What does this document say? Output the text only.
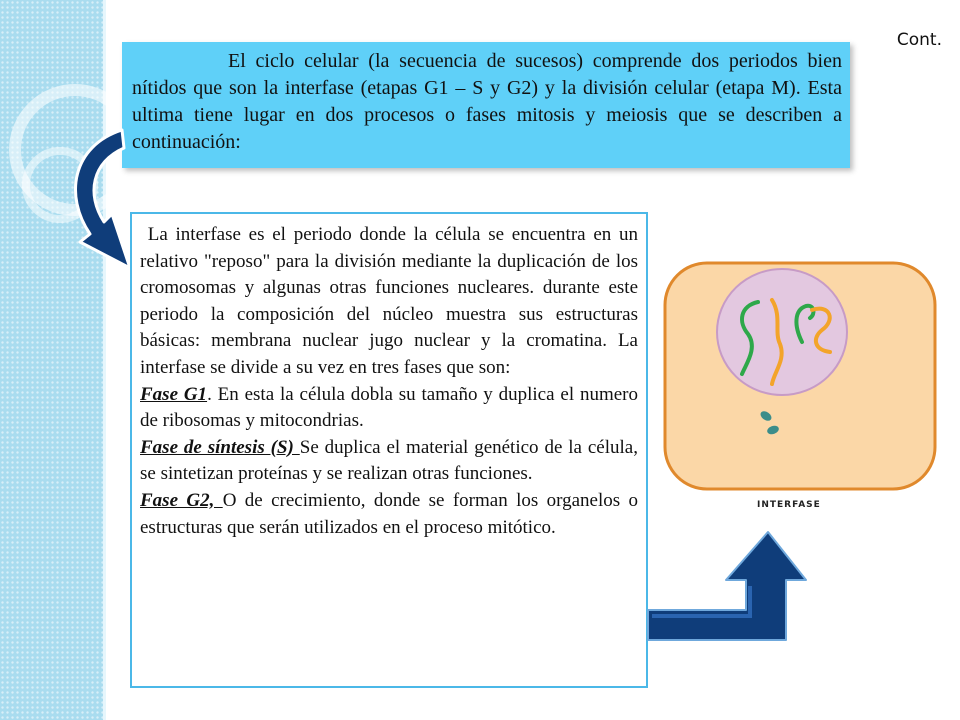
Cont.
El ciclo celular (la secuencia de sucesos) comprende dos periodos bien nítidos que son la interfase (etapas G1 – S y G2) y la división celular (etapa M). Esta ultima tiene lugar en dos procesos o fases mitosis y meiosis que se describen a continuación:

La interfase es el periodo donde la célula se encuentra en un relativo "reposo" para la división mediante la duplicación de los cromosomas y algunas otras funciones nucleares. durante este periodo la composición del núcleo muestra sus estructuras básicas: membrana nuclear jugo nuclear y la cromatina. La interfase se divide a su vez en tres fases que son:

Fase G1. En esta la célula dobla su tamaño y duplica el numero de ribosomas y mitocondrias.

Fase de síntesis (S) Se duplica el material genético de la célula, se sintetizan proteínas y se realizan otras funciones.

Fase G2, O de crecimiento, donde se forman los organelos o estructuras que serán utilizados en el proceso mitótico.

INTERFASE
